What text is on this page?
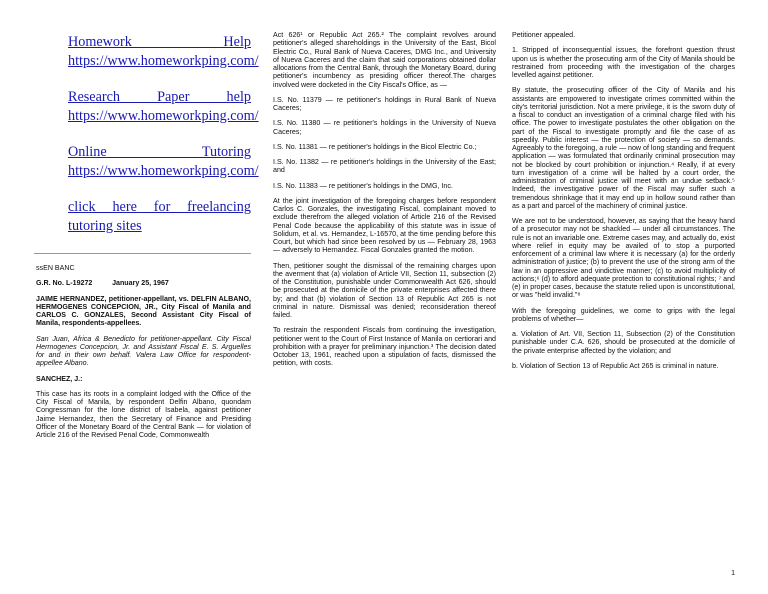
Homework Help https://www.homeworkping.com/
Research Paper help https://www.homeworkping.com/
Online Tutoring https://www.homeworkping.com/
click here for freelancing tutoring sites

ssEN BANC

G.R. No. L-19272          January 25, 1967

JAIME HERNANDEZ, petitioner-appellant, vs. DELFIN ALBANO, HERMOGENES CONCEPCION, JR., City Fiscal of Manila and CARLOS C. GONZALES, Second Assistant City Fiscal of Manila, respondents-appellees.

San Juan, Africa & Benedicto for petitioner-appellant. City Fiscal Hermogenes Concepcion, Jr. and Assistant Fiscal E. S. Arguelles for and in their own behalf. Valera Law Office for respondent-appellee Albano.

SANCHEZ, J.:

This case has its roots in a complaint lodged with the Office of the City Fiscal of Manila, by respondent Delfin Albano, quondam Congressman for the lone district of Isabela, against petitioner Jaime Hernandez, then the Secretary of Finance and Presiding Officer of the Monetary Board of the Central Bank — for violation of Article 216 of the Revised Penal Code, Commonwealth

Act 626¹ or Republic Act 265.² The complaint revolves around petitioner's alleged shareholdings in the University of the East, Bicol Electric Co., Rural Bank of Nueva Caceres, DMG Inc., and University of Nueva Caceres and the claim that said corporations obtained dollar allocations from the Central Bank, through the Monetary Board, during petitioner's incumbency as presiding officer thereof.The charges involved were docketed in the City Fiscal's Office, as —

I.S. No. 11379 — re petitioner's holdings in Rural Bank of Nueva Caceres;

I.S. No. 11380 — re petitioner's holdings in the University of Nueva Caceres;

I.S. No. 11381 — re petitioner's holdings in the Bicol Electric Co.;

I.S. No. 11382 — re petitioner's holdings in the University of the East; and

I.S. No. 11383 — re petitioner's holdings in the DMG, Inc.

At the joint investigation of the foregoing charges before respondent Carlos C. Gonzales, the investigating Fiscal, complainant moved to exclude therefrom the alleged violation of Article 216 of the Revised Penal Code because the applicability of this statute was in issue of Solidum, et al. vs. Hernandez, L-16570, at the time pending before this Court, but which had since been resolved by us — February 28, 1963 — adversely to Hernandez. Fiscal Gonzales granted the motion.

Then, petitioner sought the dismissal of the remaining charges upon the averment that (a) violation of Article VII, Section 11, subsection (2) of the Constitution, punishable under Commonwealth Act 626, should be prosecuted at the domicile of the private enterprises affected there by; and that (b) violation of Section 13 of Republic Act 265 is not criminal in nature. Dismissal was denied; reconsideration thereof failed.

To restrain the respondent Fiscals from continuing the investigation, petitioner went to the Court of First Instance of Manila on certiorari and prohibition with a prayer for preliminary injunction.³ The decision dated October 13, 1961, reached upon a stipulation of facts, dismissed the petition, with costs.

Petitioner appealed.

1. Stripped of inconsequential issues, the forefront question thrust upon us is whether the prosecuting arm of the City of Manila should be restrained from proceeding with the investigation of the charges levelled against petitioner.

By statute, the prosecuting officer of the City of Manila and his assistants are empowered to investigate crimes committed within the city's territorial jurisdiction. Not a mere privilege, it is the sworn duty of a fiscal to conduct an investigation of a criminal charge filed with his office. The power to investigate postulates the other obligation on the part of the Fiscal to investigate promptly and file the case of as speedily. Public interest — the protection of society — so demands. Agreeably to the foregoing, a rule — now of long standing and frequent application — was formulated that ordinarily criminal prosecution may not be blocked by court prohibition or injunction.⁴ Really, if at every turn investigation of a crime will be halted by a court order, the administration of criminal justice will meet with an undue setback.⁵ Indeed, the investigative power of the Fiscal may suffer such a tremendous shrinkage that it may end up in hollow sound rather than as a part and parcel of the machinery of criminal justice.

We are not to be understood, however, as saying that the heavy hand of a prosecutor may not be shackled — under all circumstances. The rule is not an invariable one. Extreme cases may, and actually do, exist where relief in equity may be availed of to stop a purported enforcement of a criminal law where it is necessary (a) for the orderly administration of justice; (b) to prevent the use of the strong arm of the law in an oppressive and vindictive manner; (c) to avoid multiplicity of actions;⁶ (d) to afford adequate protection to constitutional rights; ⁷ and (e) in proper cases, because the statute relied upon is unconstitutional, or was "held invalid."⁸

With the foregoing guidelines, we come to grips with the legal problems of whether—

a. Violation of Art. VII, Section 11, Subsection (2) of the Constitution punishable under C.A. 626, should be prosecuted at the domicile of the private enterprise affected by the violation; and

b. Violation of Section 13 of Republic Act 265 is criminal in nature.

1
